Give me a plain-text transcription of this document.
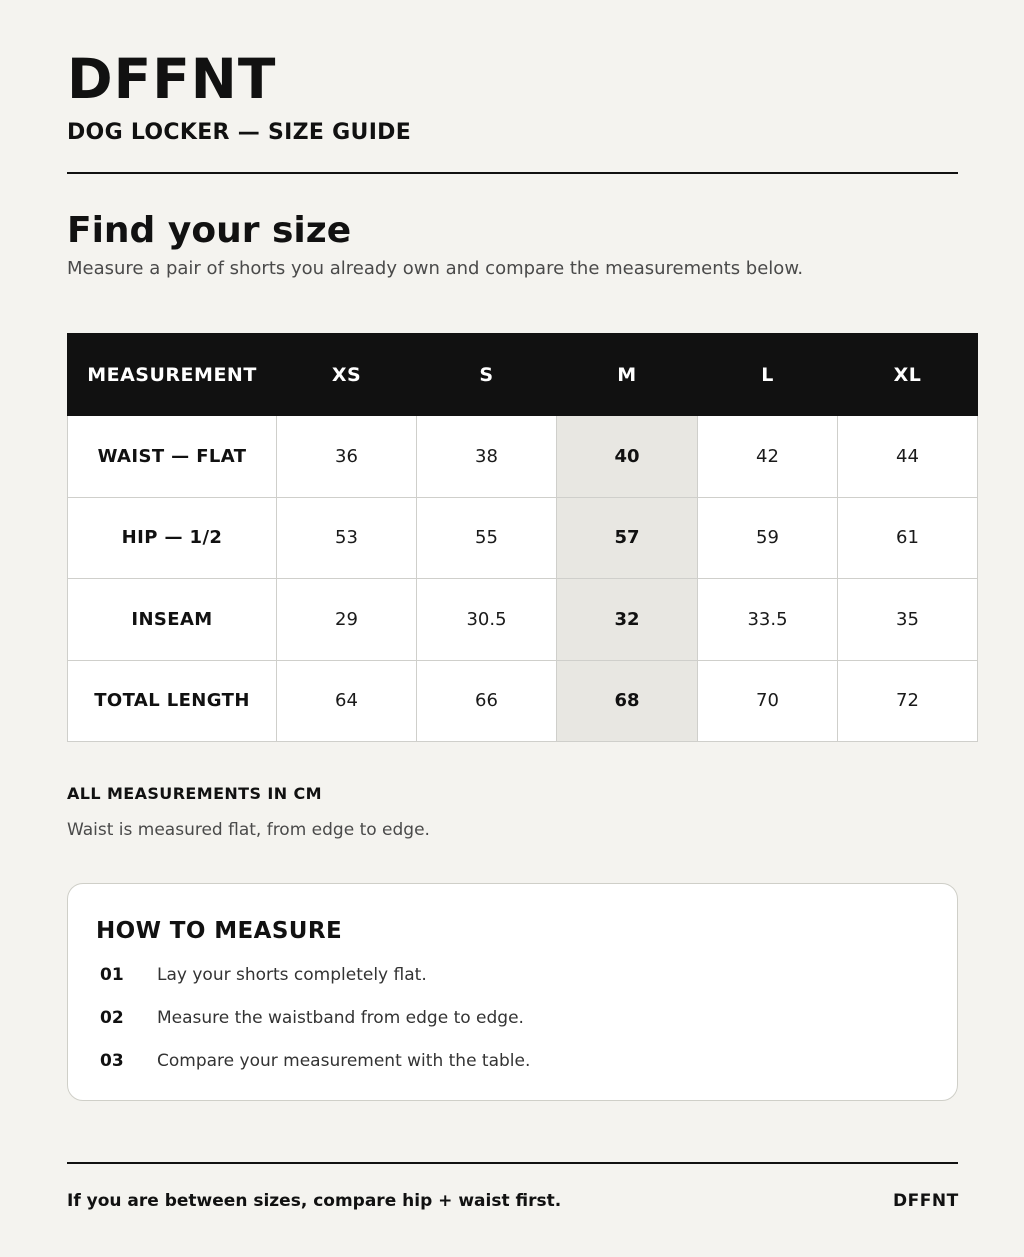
DFFNT
DOG LOCKER — SIZE GUIDE
Find your size

Measure a pair of shorts you already own and compare the measurements below.

MEASUREMENT	XS	S	M	L	XL
WAIST — FLAT	36	38	40	42	44
HIP — 1/2	53	55	57	59	61
INSEAM	29	30.5	32	33.5	35
TOTAL LENGTH	64	66	68	70	72
ALL MEASUREMENTS IN CM
Waist is measured flat, from edge to edge.
HOW TO MEASURE
01 Lay your shorts completely flat.
02 Measure the waistband from edge to edge.
03 Compare your measurement with the table.
If you are between sizes, compare hip + waist first.	DFFNT
